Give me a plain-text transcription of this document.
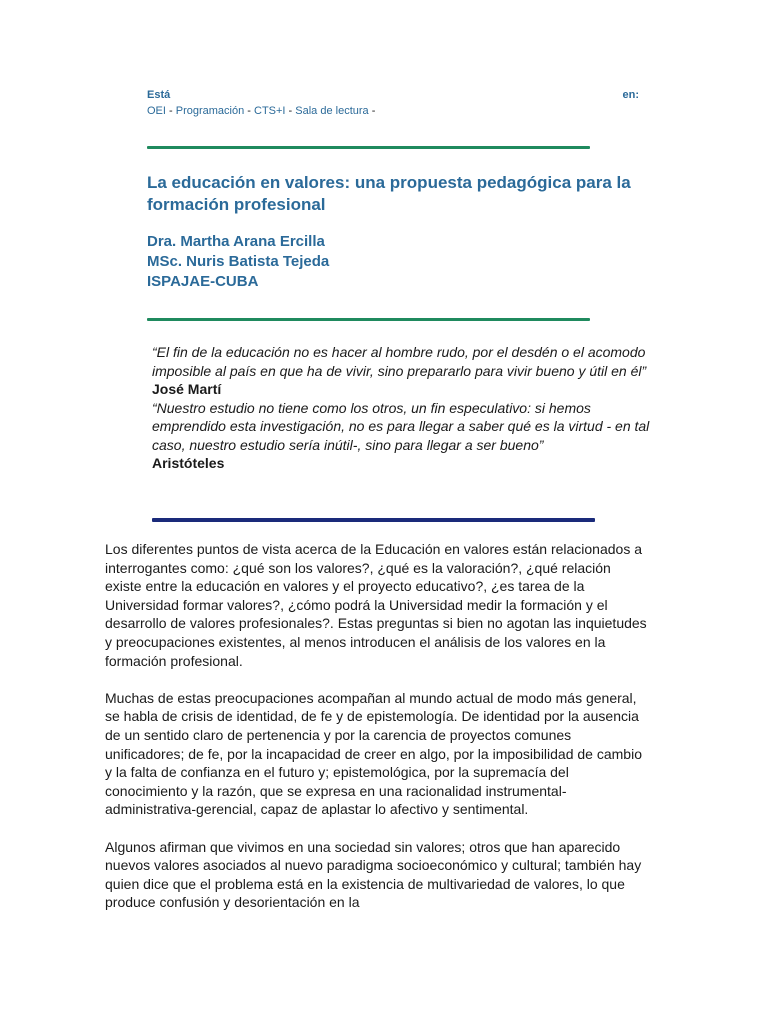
Está	en:
OEI - Programación - CTS+I - Sala de lectura -
La educación en valores: una propuesta pedagógica para la formación profesional
Dra. Martha Arana Ercilla
MSc. Nuris Batista Tejeda
ISPAJAE-CUBA
“El fin de la educación no es hacer al hombre rudo, por el desdén o el acomodo imposible al país en que ha de vivir, sino prepararlo para vivir bueno y útil en él”
José Martí
“Nuestro estudio no tiene como los otros, un fin especulativo: si hemos emprendido esta investigación, no es para llegar a saber qué es la virtud - en tal caso, nuestro estudio sería inútil-, sino para llegar a ser bueno”
Aristóteles

Los diferentes puntos de vista acerca de la Educación en valores están relacionados a interrogantes como: ¿qué son los valores?, ¿qué es la valoración?, ¿qué relación existe entre la educación en valores y el proyecto educativo?, ¿es tarea de la Universidad formar valores?, ¿cómo podrá la Universidad medir la formación y el desarrollo de valores profesionales?. Estas preguntas si bien no agotan las inquietudes y preocupaciones existentes, al menos introducen el análisis de los valores en la formación profesional.

Muchas de estas preocupaciones acompañan al mundo actual de modo más general, se habla de crisis de identidad, de fe y de epistemología. De identidad por la ausencia de un sentido claro de pertenencia y por la carencia de proyectos comunes unificadores; de fe, por la incapacidad de creer en algo, por la imposibilidad de cambio y la falta de confianza en el futuro y; epistemológica, por la supremacía del conocimiento y la razón, que se expresa en una racionalidad instrumental-administrativa-gerencial, capaz de aplastar lo afectivo y sentimental.

Algunos afirman que vivimos en una sociedad sin valores; otros que han aparecido nuevos valores asociados al nuevo paradigma socioeconómico y cultural; también hay quien dice que el problema está en la existencia de multivariedad de valores, lo que produce confusión y desorientación en la
